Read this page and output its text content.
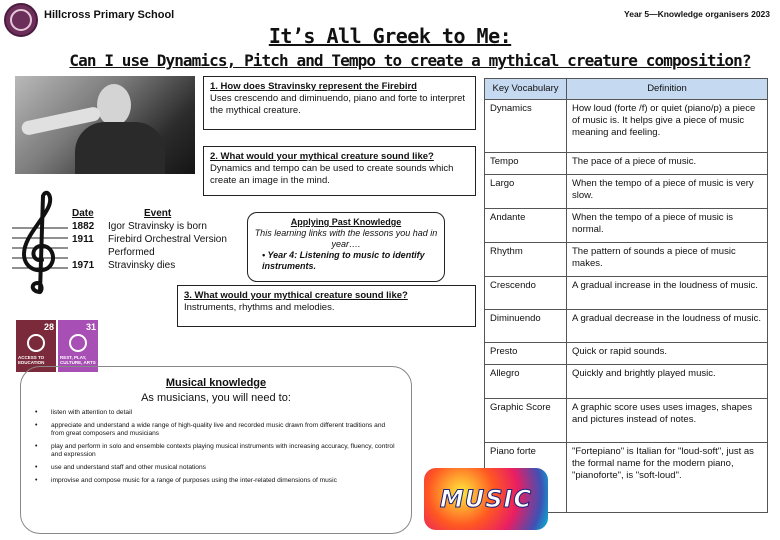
Hillcross Primary School	Year 5—Knowledge organisers 2023
It’s All Greek to Me:
Can I use Dynamics, Pitch and Tempo to create a mythical creature composition?
1. How does Stravinsky represent the Firebird
Uses crescendo and diminuendo, piano and forte to interpret the mythical creature.
2. What would your mythical creature sound like?
Dynamics and tempo can be used to create sounds which create an image in the mind.
Date	Event
1882	Igor Stravinsky is born
1911	Firebird Orchestral Version Performed
1971	Stravinsky dies
Applying Past Knowledge
This learning links with the lessons you had in year….
• Year 4: Listening to music to identify instruments.
3. What would your mythical creature sound like?
Instruments, rhythms and melodies.
28
ACCESS TO EDUCATION
31
REST, PLAY, CULTURE, ARTS
Musical knowledge
As musicians, you will need to:
•	listen with attention to detail
•	appreciate and understand a wide range of high-quality live and recorded music drawn from different traditions and from great composers and musicians
•	play and perform in solo and ensemble contexts playing musical instruments with increasing accuracy, fluency, control and expression
•	use and understand staff and other musical notations
•	improvise and compose music for a range of purposes using the inter-related dimensions of music
Key Vocabulary	Definition
Dynamics	How loud (forte /f) or quiet (piano/p) a piece of music is. It helps give a piece of music meaning and feeling.
Tempo	The pace of a piece of music.
Largo	When the tempo of a piece of music is very slow.
Andante	When the tempo of a piece of music is normal.
Rhythm	The pattern of sounds a piece of music makes.
Crescendo	A gradual increase in the loudness of music.
Diminuendo	A gradual decrease in the loudness of music.
Presto	Quick or rapid sounds.
Allegro	Quickly and brightly played music.
Graphic Score	A graphic score uses uses images, shapes and pictures instead of notes.
Piano forte	"Fortepiano" is Italian for "loud-soft", just as the formal name for the modern piano, "pianoforte", is "soft-loud".
MUSIC
